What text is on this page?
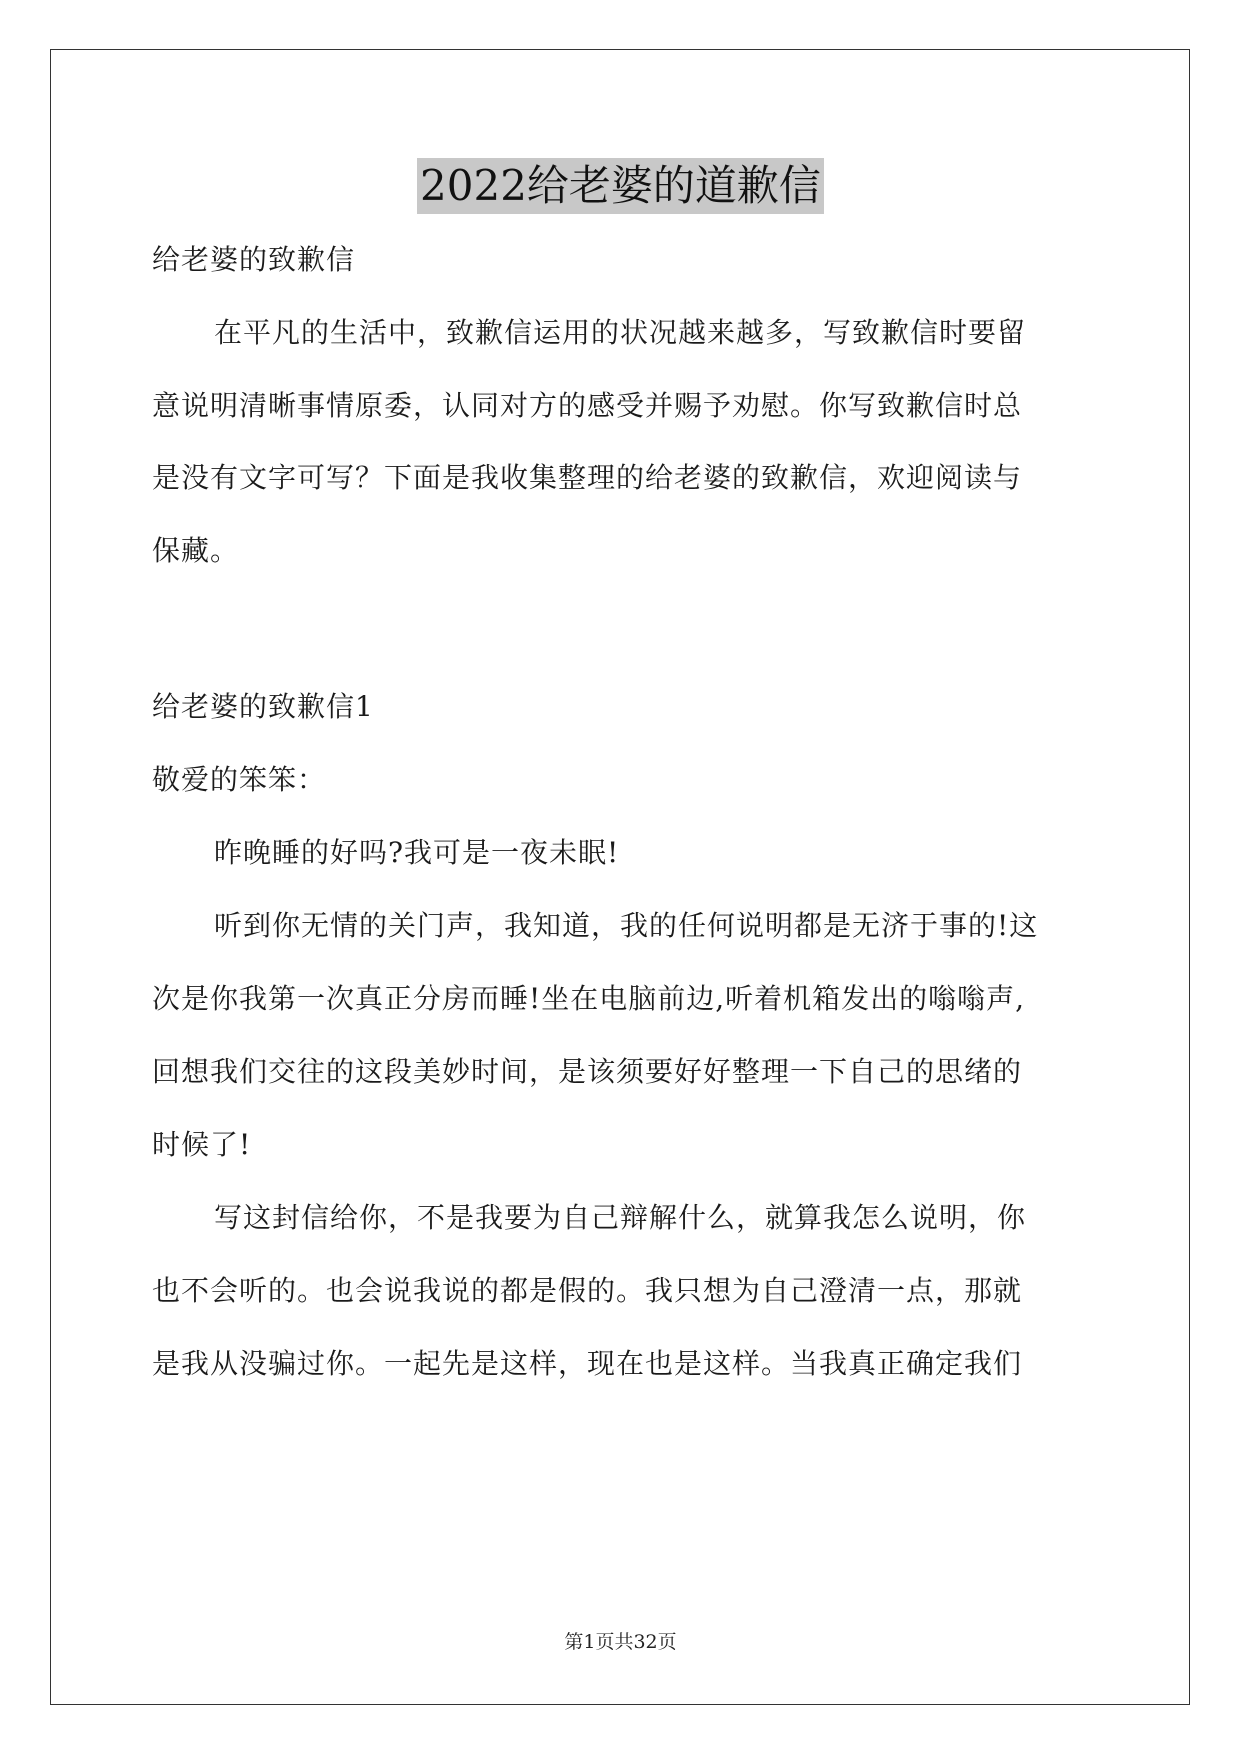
2022给老婆的道歉信
给老婆的致歉信
在平凡的生活中，致歉信运用的状况越来越多，写致歉信时要留
意说明清晰事情原委，认同对方的感受并赐予劝慰。你写致歉信时总
是没有文字可写？下面是我收集整理的给老婆的致歉信，欢迎阅读与
保藏。
给老婆的致歉信1
敬爱的笨笨：
昨晚睡的好吗?我可是一夜未眠!
听到你无情的关门声，我知道，我的任何说明都是无济于事的!这
次是你我第一次真正分房而睡!坐在电脑前边,听着机箱发出的嗡嗡声,
回想我们交往的这段美妙时间，是该须要好好整理一下自己的思绪的
时候了!
写这封信给你，不是我要为自己辩解什么，就算我怎么说明，你
也不会听的。也会说我说的都是假的。我只想为自己澄清一点，那就
是我从没骗过你。一起先是这样，现在也是这样。当我真正确定我们
第1页共32页
